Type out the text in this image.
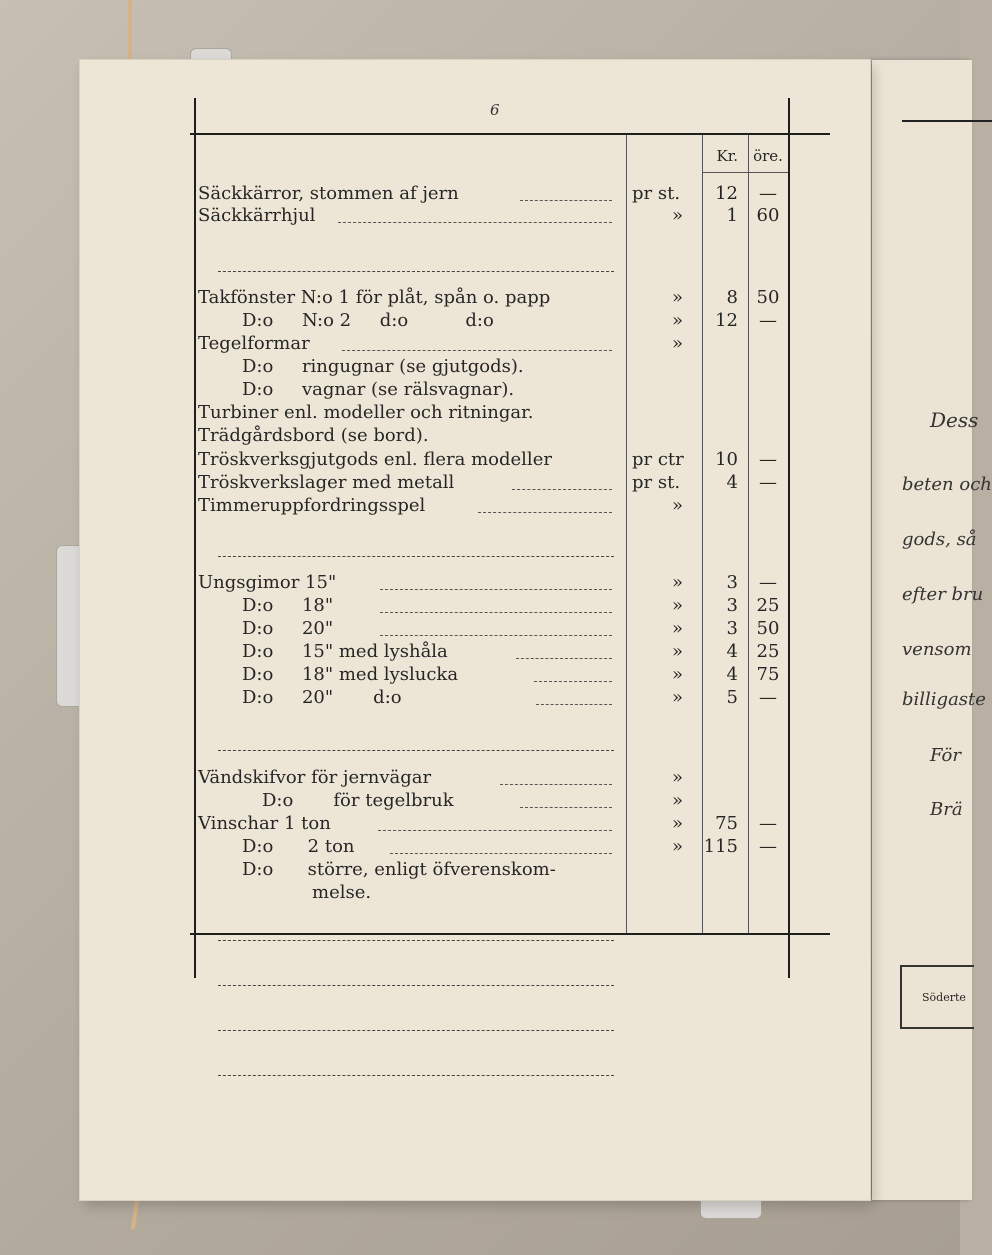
Dess
beten och
gods, så
efter bru
vensom
billigaste
För
Brä
Söderte
6
Kr. öre.
Säckkärror, stommen af jern	pr st.	12	—
Säckkärrhjul	»	1	60
Takfönster N:o 1 för plåt, spån o. papp	»	8	50
D:o     N:o 2     d:o          d:o	»	12	—
Tegelformar	»
D:o     ringugnar (se gjutgods).
D:o     vagnar (se rälsvagnar).
Turbiner enl. modeller och ritningar.
Trädgårdsbord (se bord).
Tröskverksgjutgods enl. flera modeller	pr ctr	10	—
Tröskverkslager med metall	pr st.	4	—
Timmeruppfordringsspel	»
Ungsgimor 15"	»	3	—
D:o     18"	»	3	25
D:o     20"	»	3	50
D:o     15" med lyshåla	»	4	25
D:o     18" med lyslucka	»	4	75
D:o     20"       d:o	»	5	—
Vändskifvor för jernvägar	»
D:o       för tegelbruk	»
Vinschar 1 ton	»	75	—
D:o      2 ton	»	115	—
D:o      större, enligt öfverenskom-
melse.
